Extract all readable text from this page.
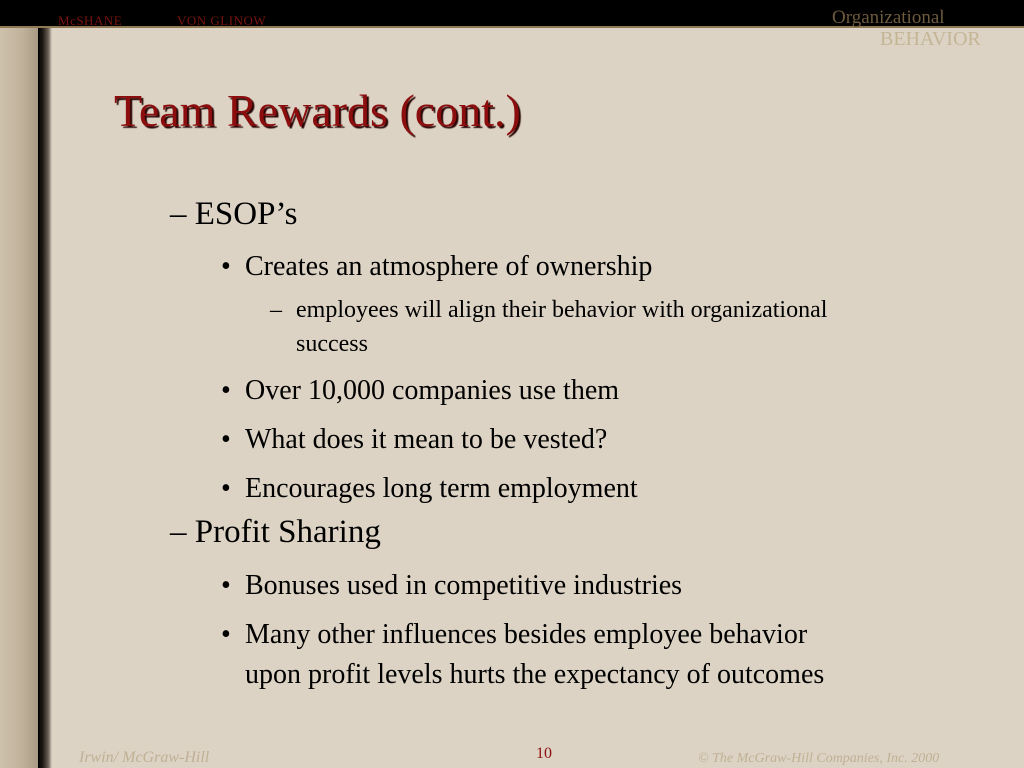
McSHANE	VON GLINOW	Organizational
BEHAVIOR
Team Rewards (cont.)
– ESOP’s
• Creates an atmosphere of ownership
– employees will align their behavior with organizational
success
• Over 10,000 companies use them
• What does it mean to be vested?
• Encourages long term employment
– Profit Sharing
• Bonuses used in competitive industries
• Many other influences besides employee behavior
upon profit levels hurts the expectancy of outcomes
Irwin/ McGraw-Hill	10	© The McGraw-Hill Companies, Inc. 2000
